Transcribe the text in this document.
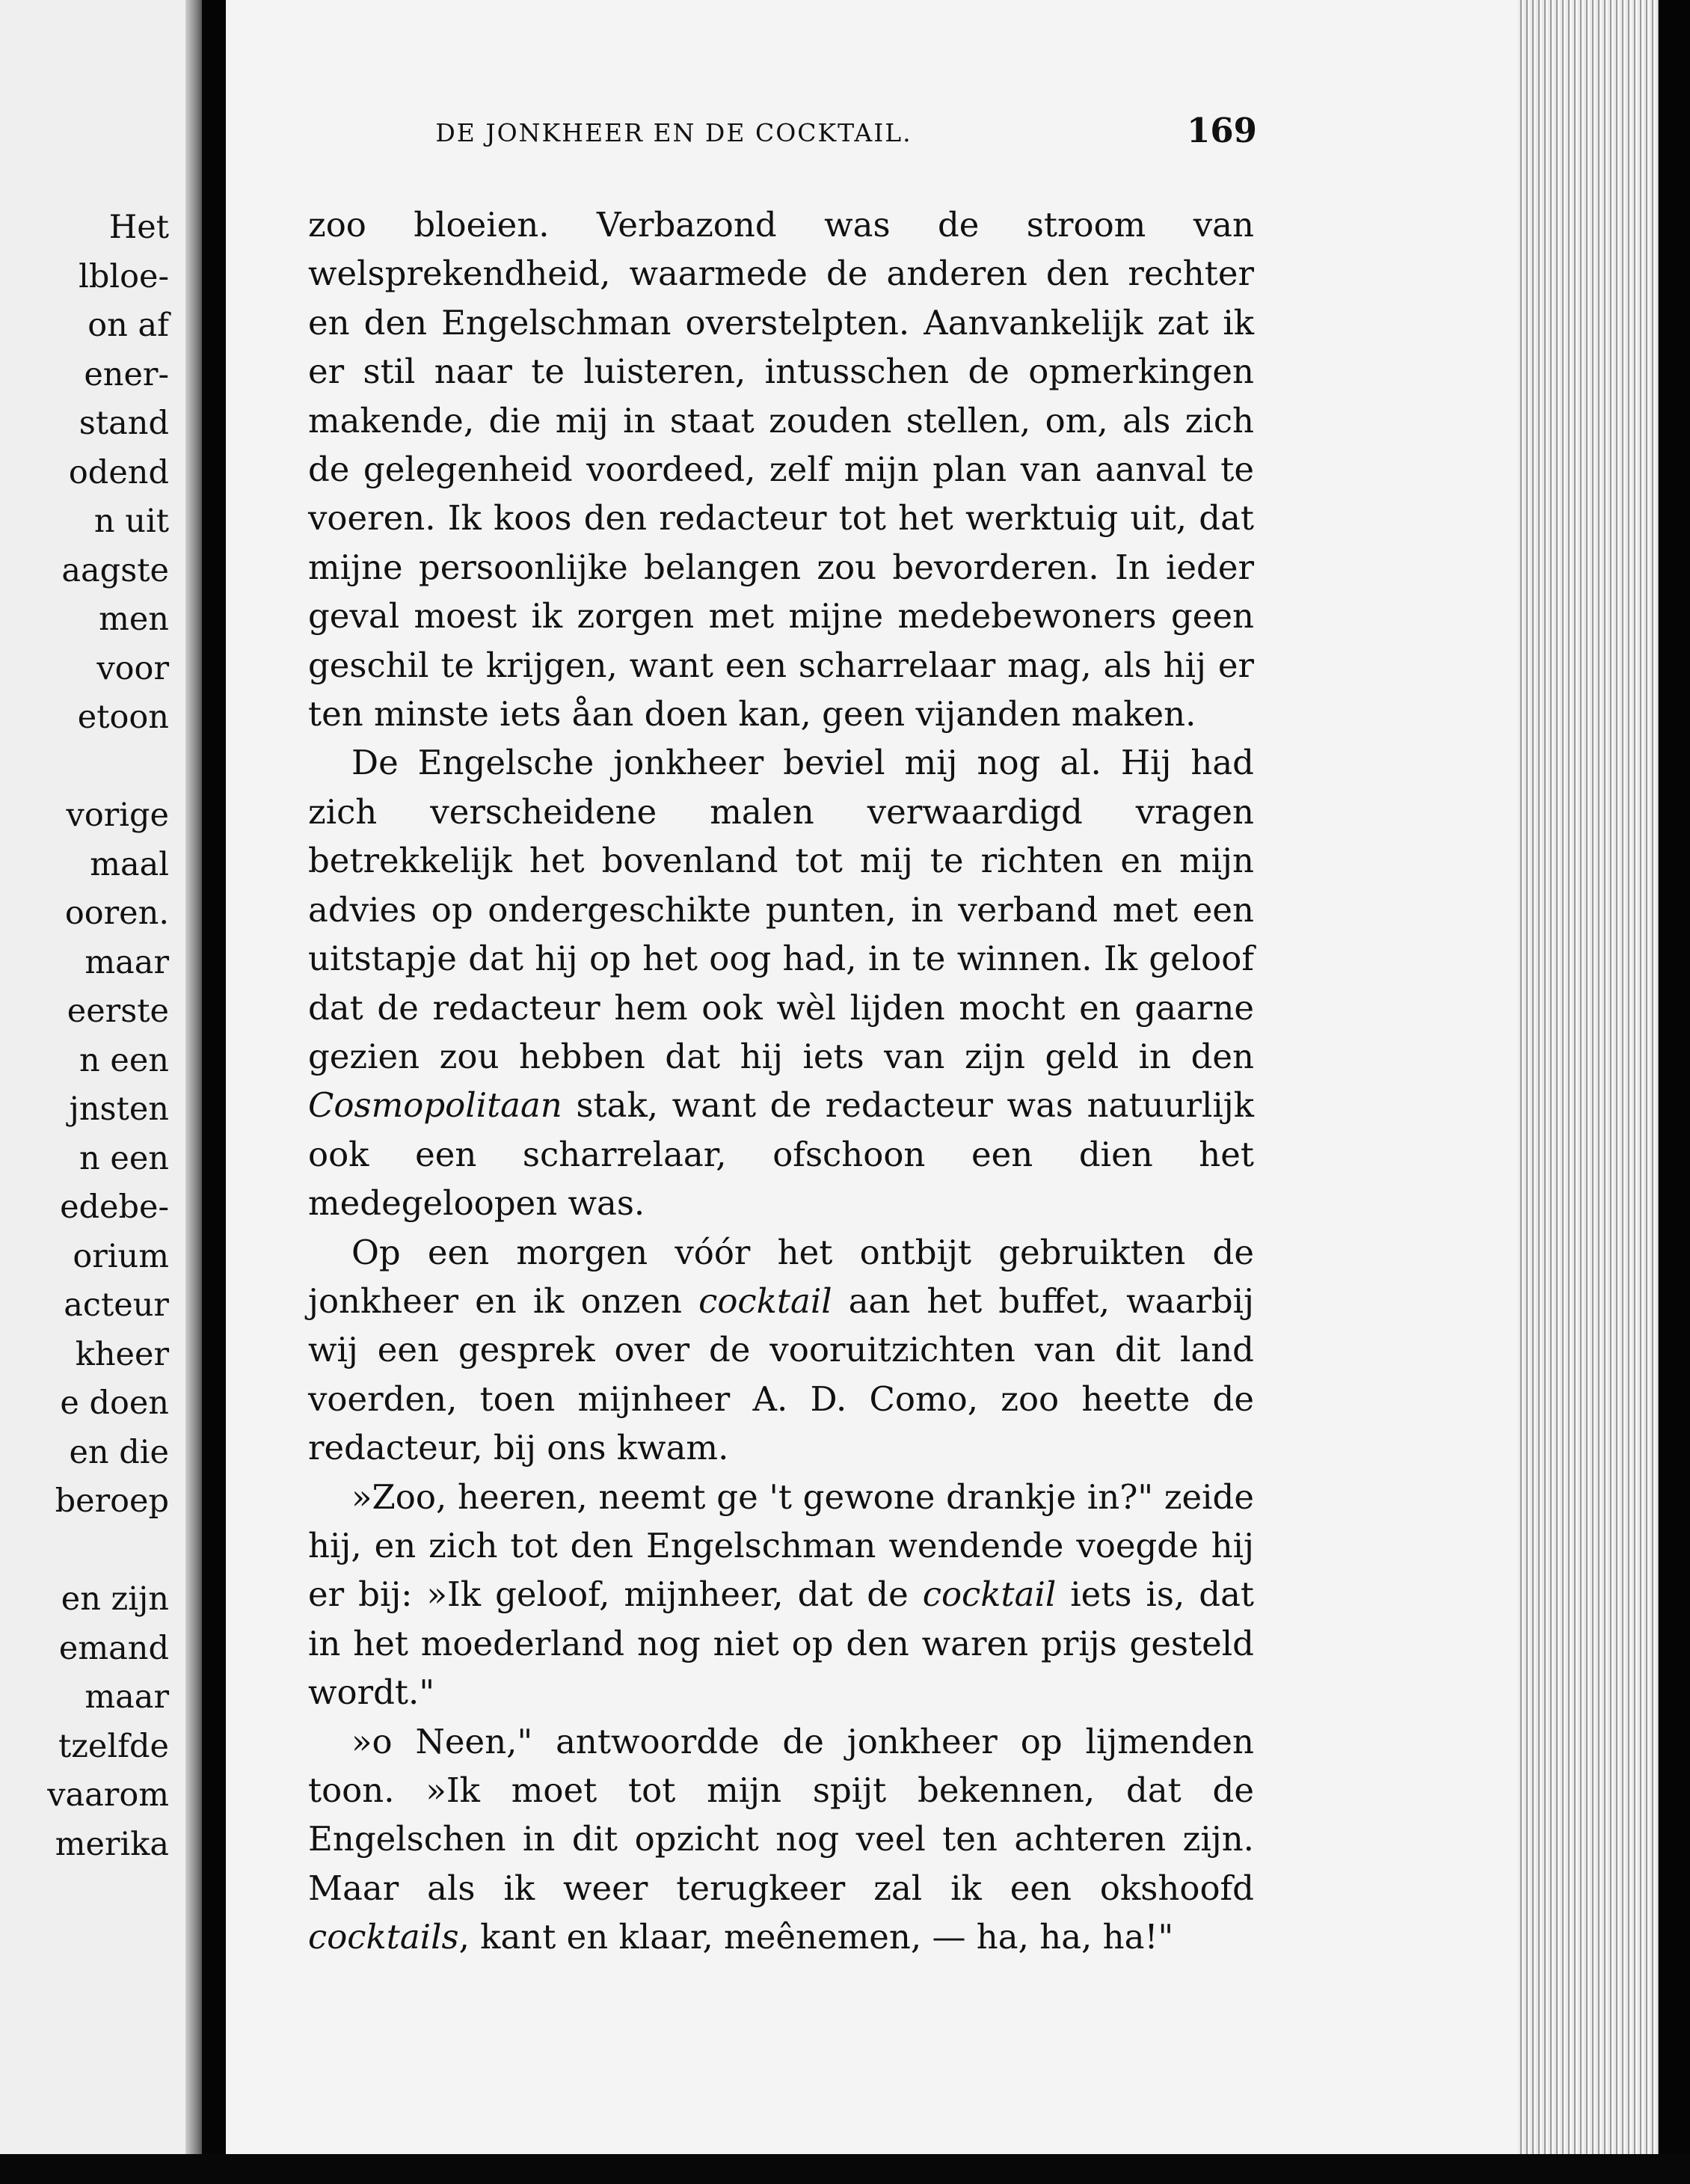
Het
lbloe-
on af
ener-
stand
odend
n uit
aagste
men
voor
etoon
vorige
maal
ooren.
maar
eerste
n een
jnsten
n een
edebe-
orium
acteur
kheer
e doen
en die
beroep
en zijn
emand
maar
tzelfde
vaarom
merika
DE JONKHEER EN DE COCKTAIL.	169

zoo bloeien. Verbazond was de stroom van welsprekendheid, waarmede de anderen den rechter en den Engelschman overstelpten. Aanvankelijk zat ik er stil naar te luisteren, intusschen de opmerkingen makende, die mij in staat zouden stellen, om, als zich de gelegenheid voordeed, zelf mijn plan van aanval te voeren. Ik koos den redacteur tot het werktuig uit, dat mijne persoonlijke belangen zou bevorderen. In ieder geval moest ik zorgen met mijne medebewoners geen geschil te krijgen, want een scharrelaar mag, als hij er ten minste iets åan doen kan, geen vijanden maken.

De Engelsche jonkheer beviel mij nog al. Hij had zich verscheidene malen verwaardigd vragen betrekkelijk het bovenland tot mij te richten en mijn advies op ondergeschikte punten, in verband met een uitstapje dat hij op het oog had, in te winnen. Ik geloof dat de redacteur hem ook wèl lijden mocht en gaarne gezien zou hebben dat hij iets van zijn geld in den Cosmopolitaan stak, want de redacteur was natuurlijk ook een scharrelaar, ofschoon een dien het medegeloopen was.

Op een morgen vóór het ontbijt gebruikten de jonkheer en ik onzen cocktail aan het buffet, waarbij wij een gesprek over de vooruitzichten van dit land voerden, toen mijnheer A. D. Como, zoo heette de redacteur, bij ons kwam.

»Zoo, heeren, neemt ge 't gewone drankje in?" zeide hij, en zich tot den Engelschman wendende voegde hij er bij: »Ik geloof, mijnheer, dat de cocktail iets is, dat in het moederland nog niet op den waren prijs gesteld wordt."

»o Neen," antwoordde de jonkheer op lijmenden toon. »Ik moet tot mijn spijt bekennen, dat de Engelschen in dit opzicht nog veel ten achteren zijn. Maar als ik weer terugkeer zal ik een okshoofd cocktails, kant en klaar, meênemen, — ha, ha, ha!"
